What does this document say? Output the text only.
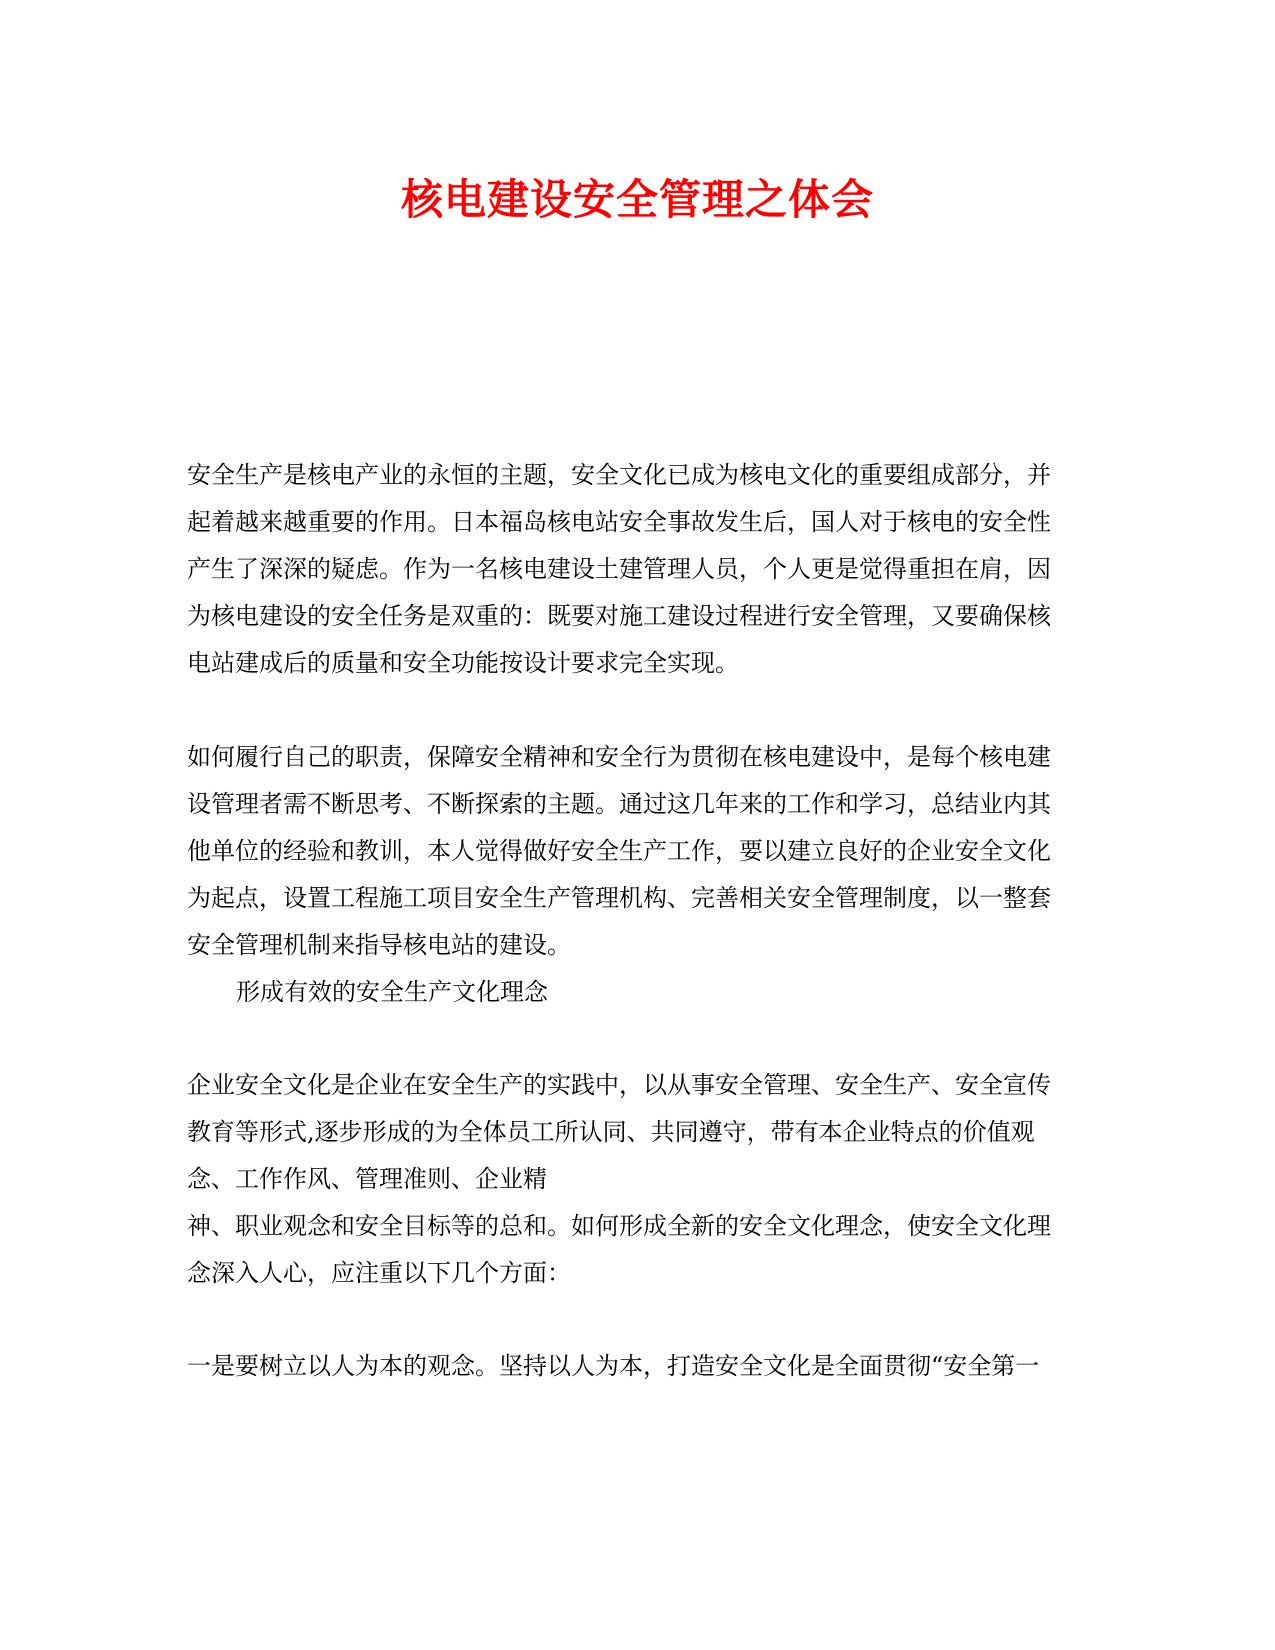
核电建设安全管理之体会
安全生产是核电产业的永恒的主题，安全文化已成为核电文化的重要组成部分，并
起着越来越重要的作用。日本福岛核电站安全事故发生后，国人对于核电的安全性
产生了深深的疑虑。作为一名核电建设土建管理人员，个人更是觉得重担在肩，因
为核电建设的安全任务是双重的：既要对施工建设过程进行安全管理，又要确保核
电站建成后的质量和安全功能按设计要求完全实现。
如何履行自己的职责，保障安全精神和安全行为贯彻在核电建设中，是每个核电建
设管理者需不断思考、不断探索的主题。通过这几年来的工作和学习，总结业内其
他单位的经验和教训，本人觉得做好安全生产工作，要以建立良好的企业安全文化
为起点，设置工程施工项目安全生产管理机构、完善相关安全管理制度，以一整套
安全管理机制来指导核电站的建设。
形成有效的安全生产文化理念
企业安全文化是企业在安全生产的实践中，以从事安全管理、安全生产、安全宣传
教育等形式,逐步形成的为全体员工所认同、共同遵守，带有本企业特点的价值观
念、工作作风、管理准则、企业精
神、职业观念和安全目标等的总和。如何形成全新的安全文化理念，使安全文化理
念深入人心，应注重以下几个方面：
一是要树立以人为本的观念。坚持以人为本，打造安全文化是全面贯彻“安全第一
